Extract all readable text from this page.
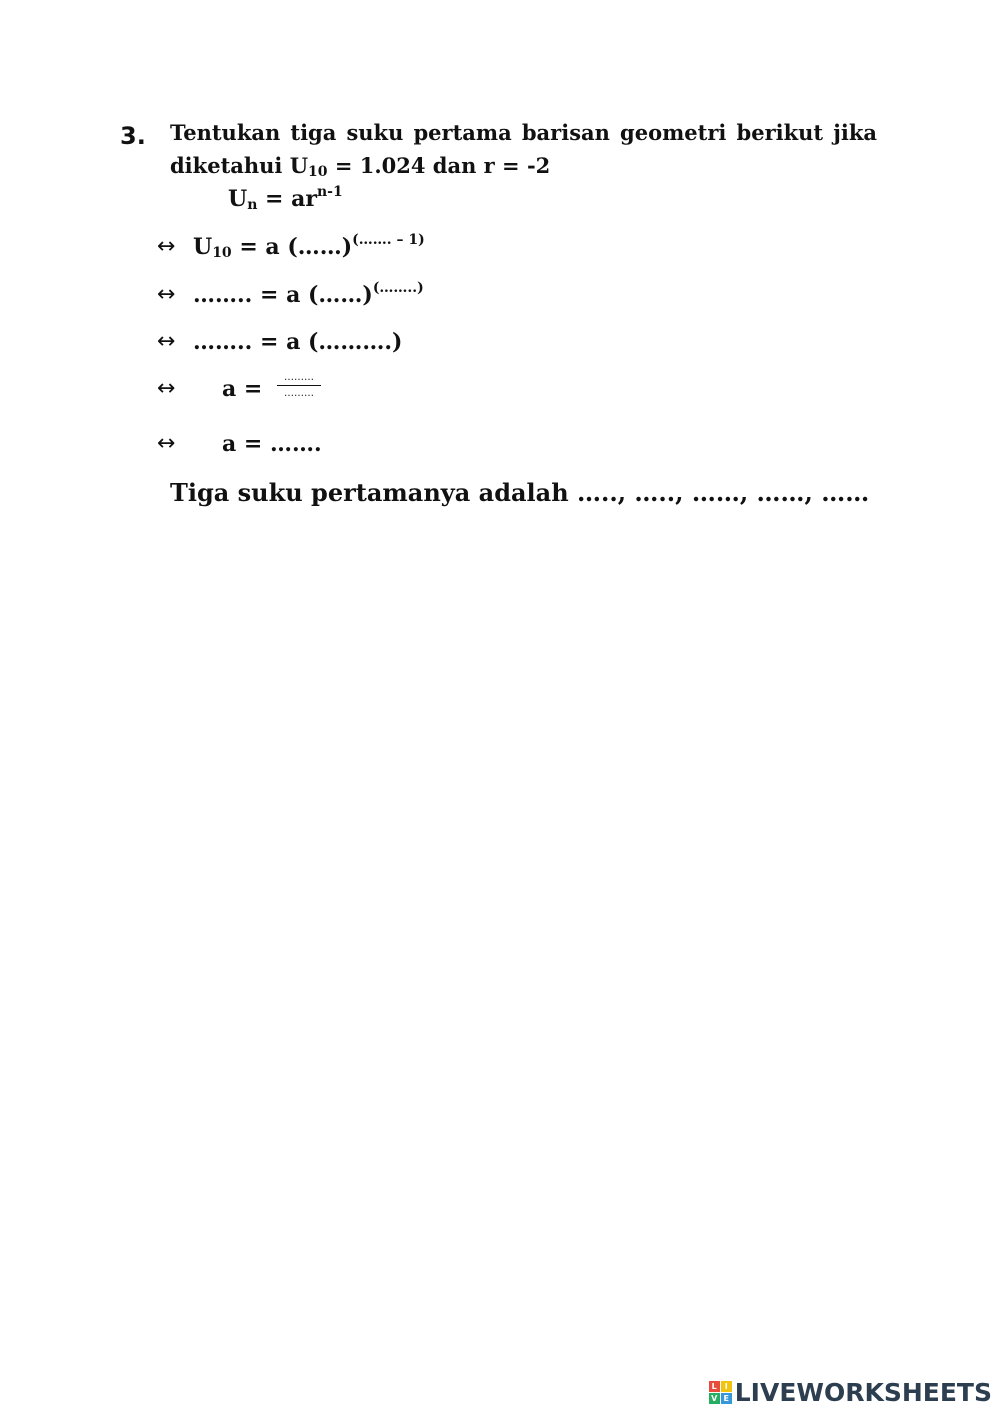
3. Tentukan tiga suku pertama barisan geometri berikut jika
diketahui $U_{10} = 1.024$ dan r = -2
$U_n = ar^{n-1}$
↔ $U_{10} = a$ (……)$^{(\dots\dots. - 1)}$
↔ …….. = a (……)(……..)
↔ …….. = a (……….)
↔ a =	………
………
↔ a = …….
Tiga suku pertamanya adalah ….., ….., ……, ……, ……
L I
V E LIVEWORKSHEETS
